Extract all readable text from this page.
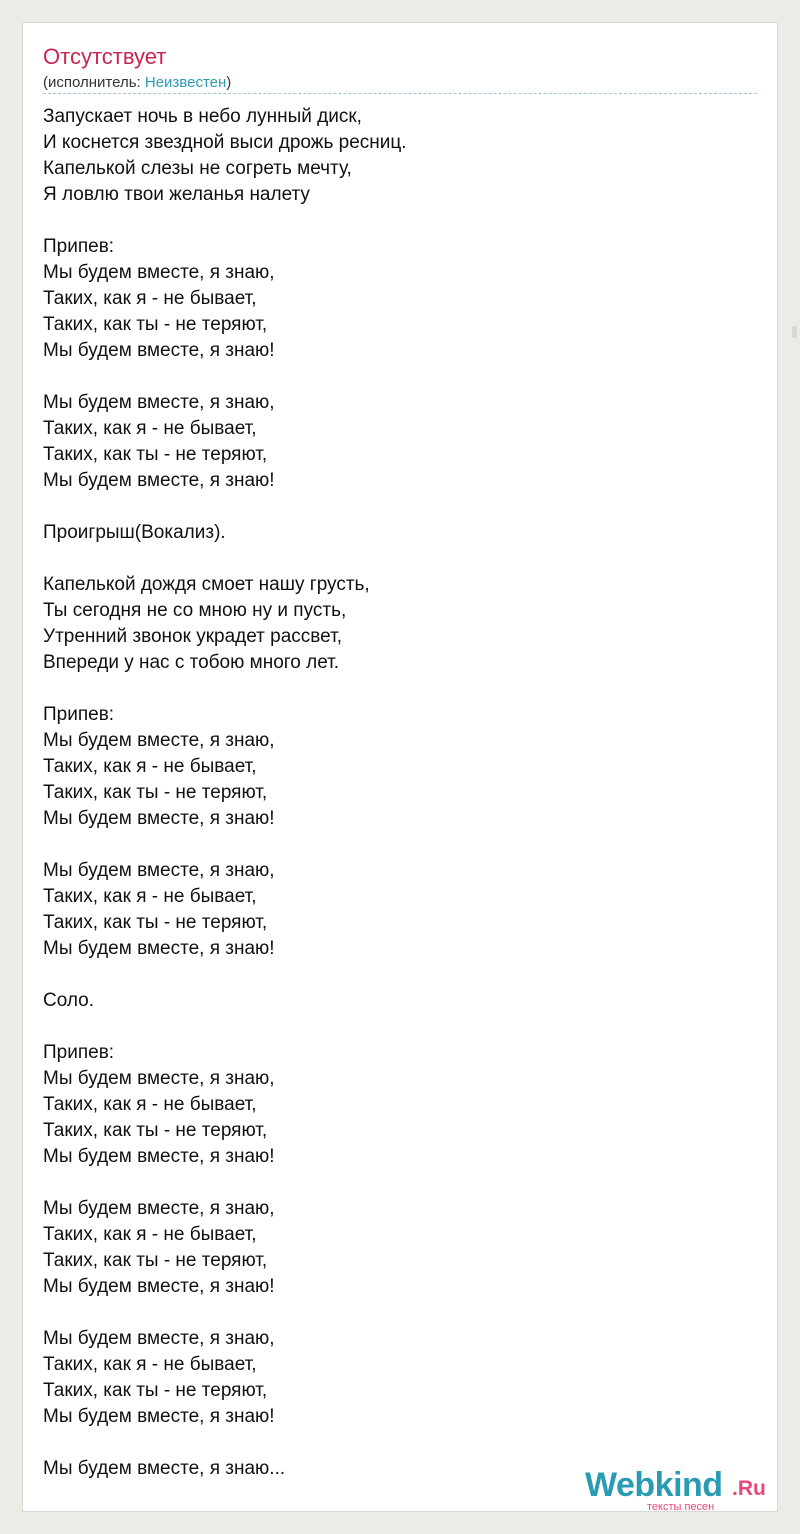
Отсутствует
(исполнитель: Неизвестен)
Запускает ночь в небо лунный диск,
И коснется звездной выси дрожь ресниц.
Капелькой слезы не согреть мечту,
Я ловлю твои желанья налету
Припев:
Мы будем вместе, я знаю,
Таких, как я - не бывает,
Таких, как ты - не теряют,
Мы будем вместе, я знаю!
Мы будем вместе, я знаю,
Таких, как я - не бывает,
Таких, как ты - не теряют,
Мы будем вместе, я знаю!
Проигрыш(Вокализ).
Капелькой дождя смоет нашу грусть,
Ты сегодня не со мною ну и пусть,
Утренний звонок украдет рассвет,
Впереди у нас с тобою много лет.
Припев:
Мы будем вместе, я знаю,
Таких, как я - не бывает,
Таких, как ты - не теряют,
Мы будем вместе, я знаю!
Мы будем вместе, я знаю,
Таких, как я - не бывает,
Таких, как ты - не теряют,
Мы будем вместе, я знаю!
Соло.
Припев:
Мы будем вместе, я знаю,
Таких, как я - не бывает,
Таких, как ты - не теряют,
Мы будем вместе, я знаю!
Мы будем вместе, я знаю,
Таких, как я - не бывает,
Таких, как ты - не теряют,
Мы будем вместе, я знаю!
Мы будем вместе, я знаю,
Таких, как я - не бывает,
Таких, как ты - не теряют,
Мы будем вместе, я знаю!
Мы будем вместе, я знаю...	Webkind .Ru
тексты песен
